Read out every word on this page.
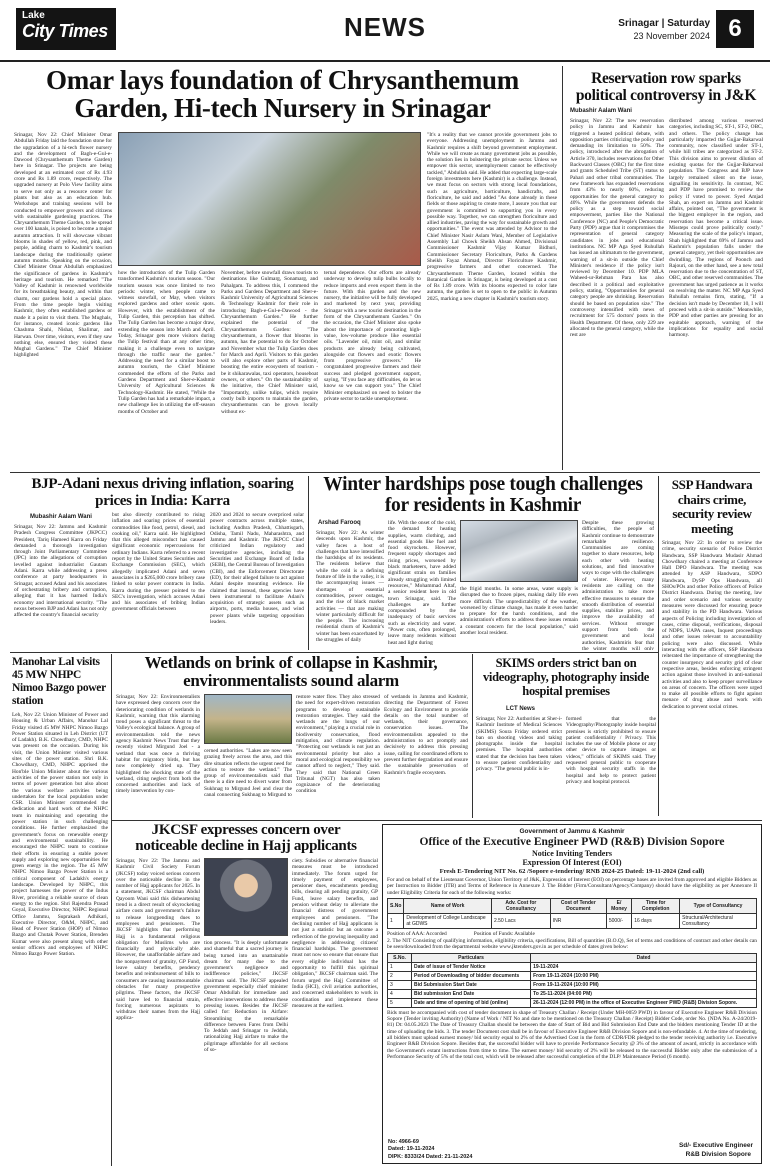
Lake
City Times	NEWS	Srinagar | Saturday
23 November 2024 6
Omar lays foundation of Chrysanthemum
Garden, Hi-tech Nursery in Srinagar

Srinagar, Nov 22: Chief Minister Omar Abdullah Friday laid the foundation stone for the upgradation of a hi-tech flower nursery and the development of Bagh-e-Gul-e-Dawood (Chrysanthemum Theme Garden) here in Srinagar. The projects are being developed at an estimated cost of Rs 4.93 crore and Rs 1.89 crore, respectively. The upgraded nursery at Polo View facility aims to serve not only as a resource center for plants but also as an education hub. Workshops and training sessions will be conducted to empower growers and citizens with sustainable gardening practices. The Chrysanthemum Theme Garden, to be spread over 100 kanals, is poised to become a major autumn attraction. It will showcase vibrant blooms in shades of yellow, red, pink, and purple, adding charm to Kashmir's tourism landscape during the traditionally quieter autumn months. Speaking on the occasion, Chief Minister Omar Abdullah emphasized the significance of gardens in Kashmir's heritage and tourism. He remarked "The Valley of Kashmir is renowned worldwide for its breathtaking beauty, and within that charm, our gardens hold a special place. From the time people begin visiting Kashmir, they often established gardens or made it a point to visit them. The Mughals, for instance, created iconic gardens like Chashma Shahi, Nishat, Shalimar, and Harwan. Over time, visitors, even if they saw nothing else, ensured they visited these Mughal Gardens." The Chief Minister highlighted

"It's a reality that we cannot provide government jobs to everyone. Addressing unemployment in Jammu and Kashmir requires a shift beyond government employment. While we will create as many government jobs as possible, the solution lies in bolstering the private sector. Unless we empower this sector, unemployment cannot be effectively tackled," Abdullah said. He added that expecting large-scale foreign investments here (Kashmir) is a challenge. Instead, we must focus on sectors with strong local foundations, such as agriculture, horticulture, handicrafts, and floriculture, he said and added "As done already in these fields or those aspiring to create more, I assure you that our government is committed to supporting you in every possible way. Together, we can strengthen floriculture and allied industries, paving the way for sustainable growth and opportunities." The event was attended by Advisor to the Chief Minister Nasir Aslam Wani, Member of Legislative Assembly Lal Chowk Sheikh Ahsan Ahmed, Divisional Commissioner Kashmir Vijay Kumar Bidhuri, Commissioner Secretary Floriculture, Parks & Gardens Sheikh Fayaz Ahmad, Director Floriculture Kashmir, progressive farmers and other concerned. The Chrysanthemum Theme Garden, located within the Botanical Garden in Srinagar, is being developed at a cost of Rs 1.89 crore. With its blooms expected to color late autumn, the garden is set to open to the public in Autumn 2025, marking a new chapter in Kashmir's tourism story.

how the introduction of the Tulip Garden transformed Kashmir's tourism season. "Our tourism season was once limited to two periods: winter, when people came to witness snowfall, or May, when visitors explored gardens and other scenic spots. However, with the establishment of the Tulip Garden, this perception has shifted. The Tulip Garden has become a major draw, extending the season into March and April. Today, Srinagar gets more visitors during the Tulip festival than at any other time, making it a challenge even to navigate through the traffic near the garden." Addressing the need for a similar boost to autumn tourism, the Chief Minister commended the efforts of the Parks and Gardens Department and Sher-e-Kashmir University of Agricultural Sciences & Technology-Kashmir. He stated, "While the Tulip Garden has had a remarkable impact, a new challenge lies in utilizing the off-season months of October and

November, before snowfall draws tourists to destinations like Gulmarg, Sonamarg, and Pahalgam. To address this, I commend the Parks and Gardens Department and Sher-e-Kashmir University of Agricultural Sciences & Technology Kashmir for their role in introducing Bagh-e-Gul-e-Dawood - the Chrysanthemum Garden." He further explained the potential of the Chrysanthemum Garden: "The chrysanthemum, a flower that blooms in autumn, has the potential to do for October and November what the Tulip Garden does for March and April. Visitors to this garden will also explore other parts of Kashmir, boosting the entire ecosystem of tourism - be it shikarawalas, taxi operators, houseboat owners, or others." On the sustainability of the initiative, the Chief Minister said, "Importantly, unlike tulips, which require costly bulb imports to maintain the garden, chrysanthemums can be grown locally without ex-

ternal dependence. Our efforts are already underway to develop tulip bulbs locally to reduce imports and even export them in the future. With this garden and the new nursery, the initiative will be fully developed and marketed by next year, providing Srinagar with a new tourist destination in the form of the Chrysanthemum Garden." On the occasion, the Chief Minister also spoke about the importance of promoting high-value, low-volume produce like essential oils. "Lavender oil, mint oil, and similar products are already being cultivated, alongside cut flowers and exotic flowers from progressive growers." He congratulated progressive farmers and their success and pledged government support, saying, "If you face any difficulties, do let us know so we can support you." The Chief Minister emphasized on need to bolster the private sector to tackle unemployment.

Reservation row sparks political controversy in J&K
Mubashir Aalam Wani

Srinagar, Nov 22: The new reservation policy in Jammu and Kashmir has triggered a heated political debate, with opposition parties criticizing the policy and demanding its limitation to 50%. The policy, introduced after the abrogation of Article 370, includes reservations for Other Backward Classes (OBC) for the first time and grants Scheduled Tribe (ST) status to Pahari and other tribal communities. The new framework has expanded reservations from 43% to nearly 60%, reducing opportunities for the general category to 40%. While the government defends the policy as a step toward social empowerment, parties like the National Conference (NC) and People's Democratic Party (PDP) argue that it compromises the representation of general category candidates in jobs and educational institutions. NC MP Aga Syed Ruhullah has issued an ultimatum to the government, warning of a sit-in outside the Chief Minister's residence if the policy isn't reviewed by December 10. PDP MLA Waheed-ur-Rehman Para has also described it a political and exploitative policy, stating, "Opportunities for general category people are shrinking. Reservation should be based on population size." The controversy intensified with news of recruitment for 575 doctors' posts in the Health Department. Of these, only 229 are allocated to the general category, while the rest are

distributed among various reserved categories, including SC, ST-1, ST-2, OBC, and others. The policy change has particularly impacted the Gujjar-Bakarwal community, now classified under ST-1, while hill tribes are categorized as ST-2. This division aims to prevent dilution of existing quotas for the Gujjar-Bakarwal population. The Congress and BJP have largely remained silent on the issue, signalling its sensitivity. In contrast, NC and PDP have promised to review the policy if voted to power. Syed Amjad Shah, an expert on Jammu and Kashmir affairs, pointed out, "The government is the biggest employer in the region, and reservation has become a critical issue. Missteps could prove politically costly." Measuring the scale of the policy's impact, Shah highlighted that 69% of Jammu and Kashmir's population falls under the general category, yet their opportunities are dwindling. The regions of Poonch and Rajouri, on the other hand, see a new total reservation due to the concentration of ST, OBC, and other reserved communities. The government has urged patience as it works on resolving the matter. NC MP Aga Syed Ruhullah remains firm, stating, "If a decision isn't made by December 10, I will proceed with a sit-in outside." Meanwhile, PDP and other parties are pressing for an equitable approach, warning of the implications for equality and social harmony.

BJP-Adani nexus driving inflation, soaring prices in India: Karra
Mubashir Aalam Wani

Srinagar, Nov 22: Jammu and Kashmir Pradesh Congress Committee (JKPCC) President, Tariq Hameed Karra on Friday demanded a thorough investigation through Joint Parliamentary Committee (JPC) into the allegations of corruption levelled against industrialist Gautam Adani. Karra while addressing a press conference at party headquarters in Srinagar, accused Adani and his associates of orchestrating bribery and corruption, alleging that it has harmed India's economy and international security. "The nexus between BJP and Adani has not only affected the country's financial security

but also directly contributed to rising inflation and soaring prices of essential commodities like food, petrol, diesel, and cooking oil," Karra said. He highlighted that this alleged misconduct has caused significant economic repercussions for ordinary Indians. Karra referred to a recent report by the United States Securities and Exchange Commission (SEC), which allegedly implicated Adani and seven associates in a $265,000 crore bribery case linked to solar power contracts in India. Karra during the presser pointed to the SEC's investigation, which accuses Adani and his associates of bribing Indian government officials between

2020 and 2024 to secure overpriced solar power contracts across multiple states, including Andhra Pradesh, Chhattisgarh, Odisha, Tamil Nadu, Maharashtra, and Jammu and Kashmir. The JKPCC Chief criticized Indian regulatory and investigative agencies, including the Securities and Exchange Board of India (SEBI), the Central Bureau of Investigation (CBI), and the Enforcement Directorate (ED), for their alleged failure to act against Adani despite mounting evidence. He claimed that instead, these agencies have been instrumental to facilitate Adani's acquisition of strategic assets such as airports, ports, media houses, and wind power plants while targeting opposition leaders.

Winter hardships pose tough challenges
for residents in Kashmir
Arshad Farooq

Srinagar, Nov 22: As winter descends upon Kashmir, the valley faces a host of challenges that have intensified the hardships of its residents. The residents believe that while the cold is a defining feature of life in the valley, it is the accompanying issues — shortages of essential commodities, power outages, and the rise of black market activities — that are making winter particularly difficult for the people. The increasing residential churn of Kashmir's winter has been exacerbated by the struggles of daily

life. With the onset of the cold, the demand for heating supplies, warm clothing, and essential goods like fuel and food skyrockets. However, frequent supply shortages and rising prices, worsened by black marketeers, have added significant strain on families already struggling with limited resources," Mohammad Altaf, a senior resident here in old town Srinagar, said. The challenges are further compounded by the inadequacy of basic services such as electricity and water. "Power cuts, often prolonged, leave many residents without heat and light during

the frigid months. In some areas, water supply is disrupted due to frozen pipes, making daily life even more difficult. The unpredictability of the weather, worsened by climate change, has made it even harder to prepare for the harsh conditions, and the administration's efforts to address these issues remain a constant concern for the local population," said another local resident.

Despite these growing difficulties, the people of Kashmir continue to demonstrate remarkable resilience. Communities are coming together to share resources, help each other with heating solutions, and find innovative ways to cope with the challenges of winter. However, many residents are calling on the administration to take more effective measures to ensure the smooth distribution of essential supplies, stabilize prices, and improve the availability of services. Without stronger support from both the government and local authorities, Kashmiris fear that the winter months will only

SSP Handwara chairs crime, security review meeting

Srinagar, Nov 22: In order to review the crime, security scenario of Police District Handwara, SSP Handwara Mudasir Ahmad Chowdhary chaired a meeting at Conference Hall DPO Handwara. The meeting was attended by ASP Handwara, SDPO Handwara, DySP Ops Handwara, all SHOs/POs and other Police officers of Police District Handwara. During the meeting, law and order scenario and various security measures were discussed for ensuring peace and stability in the PD Handwara. Various aspects of Policing including investigation of cases, crime disposal, verifications, disposal of NDPS, UAPA cases, Inquest proceedings and other issues relevant to accountability policing were also discussed. While interacting with the officers, SSP Handwara reiterated the importance of strengthening the counter insurgency and security grid of clear respective areas, besides enforcing stringent action against those involved in anti-national activities and also to keep proper surveillance on areas of concern. The officers were urged to make all possible efforts to fight against menace of drug abuse and work with dedication to prevent social crimes.

Manohar Lal visits 45 MW NHPC Nimoo Bazgo power station

Leh, Nov 22: Union Minister of Power and Housing & Urban Affairs, Manohar Lal Friday visited 45 MW NHPC Nimoo Bazgo Power Station situated in Leh District (UT of Ladakh). B.K. Chowdhary, CMD, NHPC was present on the occasion. During his visit, the Union Minister visited various sites of the power station. Shri B.K. Chowdhary, CMD, NHPC apprised the Hon'ble Union Minister about the various activities of the power station not only in terms of power generation but also about the various welfare activities being undertaken for the local population under CSR. Union Minister commended the dedication and hard work of the NHPC team in maintaining and operating the power station in such challenging conditions. He further emphasized the government's focus on renewable energy and environmental sustainability. He encouraged the NHPC team to continue their efforts in ensuring a stable power supply and exploring new opportunities for green energy in the region. The 45 MW NHPC Nimoo Bazgo Power Station is a critical component of Ladakh's energy landscape. Developed by NHPC, this project harnesses the power of the Indus River, providing a reliable source of clean energy to the region. Shri Rajendra Prasad Goyal, Executive Director, NHPC Regional Office Jammu, Suprakash Adhikari, Executive Director, O&M, NHPC, and Head of Power Station (HOP) of Nimoo Bazgo and Chutak Power Station, Brenden Kumar were also present along with other senior officers and employees of NHPC Nimoo Bazgo Power Station.

Wetlands on brink of collapse in Kashmir,
environmentalists sound alarm

Srinagar, Nov 22: Environmentalists have expressed deep concern over the deteriorating condition of wetlands in Kashmir, warning that this alarming trend poses a significant threat to the Valley's ecological balance. A group of environmentalists told the news agency Kashmir News Trust that they recently visited Mirgund Joel - a wetland that was once a thriving habitat for migratory birds, but has now completely dried up. They highlighted the shocking state of the wetland, citing neglect from both the concerned authorities and lack of timely intervention by con-

cerned authorities. "Lakes are now seen grazing freely across the area, and this dire situation reflects the urgent need for action to restore the wetland." The group of environmentalists said that there is a dire need to divert water from Sukhnag to Mirgund Jeel and clear the canal connecting Sukhnag to Mirgund to

restore water flow. They also stressed the need for expert-driven restoration programs to develop sustainable restoration strategies. They said the wetlands are the lungs of our environment," playing a crucial role in biodiversity conservation, flood mitigation, and climate regulation. "Protecting our wetlands is not just an environmental priority but also a moral and ecological responsibility we cannot afford to neglect," They said. They said that National Green Tribunal (NGT) has also taken cognizance of the deteriorating condition

of wetlands in Jammu and Kashmir, directing the Department of Forest Ecology and Environment to provide details on the total number of wetlands, their governance, conservation issues. The environmentalists appealed to the administration to act promptly and decisively to address this pressing issue, calling for coordinated efforts to prevent further degradation and ensure the sustainable preservation of Kashmir's fragile ecosystem.

SKIMS orders strict ban on videography, photography inside hospital premises
LCT News

Srinagar, Nov 22: Authorities at Sher-i-Kashmir Institute of Medical Sciences (SKIMS) Soura Friday ordered strict ban on shooting videos and taking photographs inside the hospital premises. The hospital authorities stated that the decision has been taken to ensure patient confidentiality and privacy. "The general public is in-

formed that the Videography/Photography inside hospital premises is strictly prohibited to ensure patient confidentiality / Privacy. This includes the use of Mobile phone or any other device to capture images or videos," officials of SKIMS said. They requested general public to cooperate with hospital security staffs in the hospital and help to protect patient privacy and hospital protocol.

JKCSF expresses concern over
noticeable decline in Hajj applicants

Srinagar, Nov 22: The Jammu and Kashmir Civil Society Forum (JKCSF) today voiced serious concern over the noticeable decline in the number of Hajj applicants for 2025. In a statement, JKCSF chairman Abdul Qayoom Wani said this disheartening trend is a direct result of skyrocketing airfare costs and government's failure to release longpending dues to employees and pensioners. The JKCSF highlights that performing Hajj is a fundamental religious obligation for Muslims who are financially and physically able. However, the unaffordable airfare and the nonpayment of gratuity, GP Fund, leave salary benefits, pendency benefits and reimbursement of bills to consumers are causing insurmountable obstacles for many prospective pilgrims. These factors, the JKCSF said have led to financial strain, forcing numerous aspirants to withdraw their names from the Hajj applica-

tion process. "It is deeply unfortunate and shameful that a sacred journey is being turned into an unattainable dream for many due to the government's negligence and indifference policies," JKCSF chairman said. The JKCSF appealed government especially chief minister Omar Abdullah for immediate and effective interventions to address these pressing issues. Besides the JKCSF called for: Reduction in Airfare: Streamlining the remarkable difference between Fares from Delhi To Jeddah and Srinagar to Jeddah, rationalizing Hajj airfare to make the pilgrimage affordable for all sections of so-

ciety. Subsidies or alternative financial measures must be introduced immediately. The forum urged for timely payment of employees, pensioner dues, encashments pending bills, clearing all pending gratuity, GP Fund, leave salary benefits, and pension without delay to alleviate the financial distress of government employees and pensioners. "The declining number of Hajj applicants is not just a statistic but an outcome a reflection of the growing inequality and negligence in addressing citizens' financial hardships. The government must not now so ensure that ensure that every eligible individual has the opportunity to fulfill this spiritual obligation," JKCSF chairman said. The forum urged the Hajj Committee of India (HCI), civil aviation authorities, and concerned stakeholders to work in coordination and implement these measures at the earliest.

Government of Jammu & Kashmir
Office of the Executive Engineer PWD (R&B) Division Sopore
Notice Inviting Tenders
Expression Of Interest (EOI)
Fresh E-Tendering NIT No. 62 /Sopore e-tendering/ RNB 2024-25 Dated: 19-11-2024 (2nd call)
For and on behalf of the Lieutenant Governor, Union Territory of J&K, Expression of Interest (EOI) on percentage bases are invited from approved and eligible Bidders as per Instruction to Bidder (ITB) and Terms of Reference in Annexure J. The Bidder (Firm/Consultant/Agency/Company) should have the eligibility as per Annexure II under Eligibility Criteria for each of the following works:
S.No	Name of Work	Adv. Cost for Consultancy	Cost of Tender Document	E/ Money	Time for Completion	Type of Consultancy
1	Development of College Landscape at GDWS	2.50 Lacs	INR	5000/-	16 days	Structural/Architectural Consultancy
Position of AAA: Accorded                    Position of Funds: Available
2. The NIT Consisting of qualifying information, eligibility criteria, specifications, Bill of quantities (B.O.Q), Set of terms and conditions of contract and other details can be seen/downloaded from the departmental website www.jktenders.gov.in as per schedule of dates given below:
S.No.	Particulars	Dated
1	Date of issue of Tender Notice	19-11-2024
2	Period of Downloading of bidder documents	From 19-11-2024 (10:00 PM)
3	Bid Submission Start Date	From 19-11-2024 (10:00 PM)
4	Bid submission End Date	To 25-11-2024 (04:00 PM)
5	Date and time of opening of bid (online)	26-11-2024 (12:00 PM) in the office of Executive Engineer PWD (R&B) Division Sopore.
Bids must be accompanied with cost of tender document in shape of Treasury Challan / Receipt (Under MH-0059 PWD) in favour of Executive Engineer R&B Division Sopore (Tender inviting Authority) (Name of Work / NIT No and date to be mentioned on the Treasury Challan / Receipt) Bidder Code, order No. (NDA No. A-24/2019-81) Dt: 04.05.2023 The Date of Treasury Challan should be between the date of Start of Bid and Bid Submission End Date and the bidders mentioning Tender ID at the time of uploading the bids. 3. The tender Document cost shall be in favour of Executive Engineer R&B Division Sopore and is non-refundable. 4. At the time of tendering, all bidders must upload earnest money/ bid security equal to 2% of the Advertised Cost in the form of CDR/FDR pledged to the tender receiving authority i.e. Executive Engineer R&B Division Sopore. Besides that, the successful bidder will have to provide Performance Security @ 3% of the amount of award, strictly in accordance with the Government's extant instructions from time to time. The earnest money/ bid security of 2% will be released to the successful Bidder only after the submission of a Performance Security of 5% of the total cost, which will be released after successful completion of the DLP/ Maintenance Period (6 month).
No: 4966-69
Dated: 19-11-2024
DIPK: 8333/24 Dated: 21-11-2024
Sd/- Executive Engineer
R&B Division Sopore
